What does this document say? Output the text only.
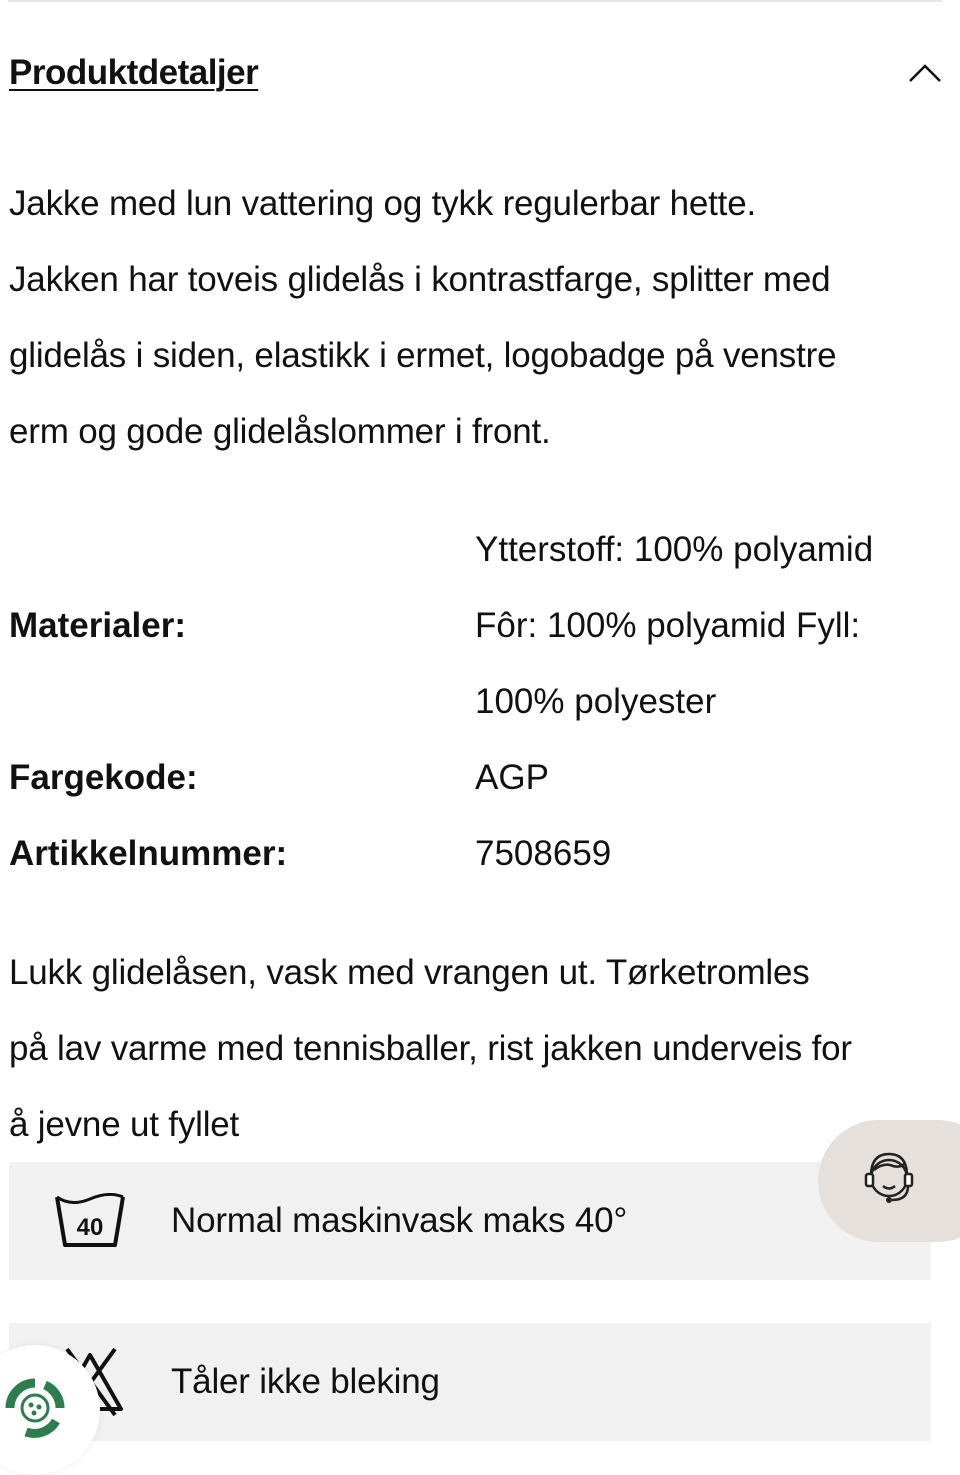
Produktdetaljer
Jakke med lun vattering og tykk regulerbar hette.
Jakken har toveis glidelås i kontrastfarge, splitter med
glidelås i siden, elastikk i ermet, logobadge på venstre
erm og gode glidelåslommer i front.
Materialer:
Ytterstoff: 100% polyamid
Fôr: 100% polyamid Fyll:
100% polyester
Fargekode:	AGP
Artikkelnummer:	7508659
Lukk glidelåsen, vask med vrangen ut. Tørketromles
på lav varme med tennisballer, rist jakken underveis for
å jevne ut fyllet
40 Normal maskinvask maks 40°
Tåler ikke bleking
